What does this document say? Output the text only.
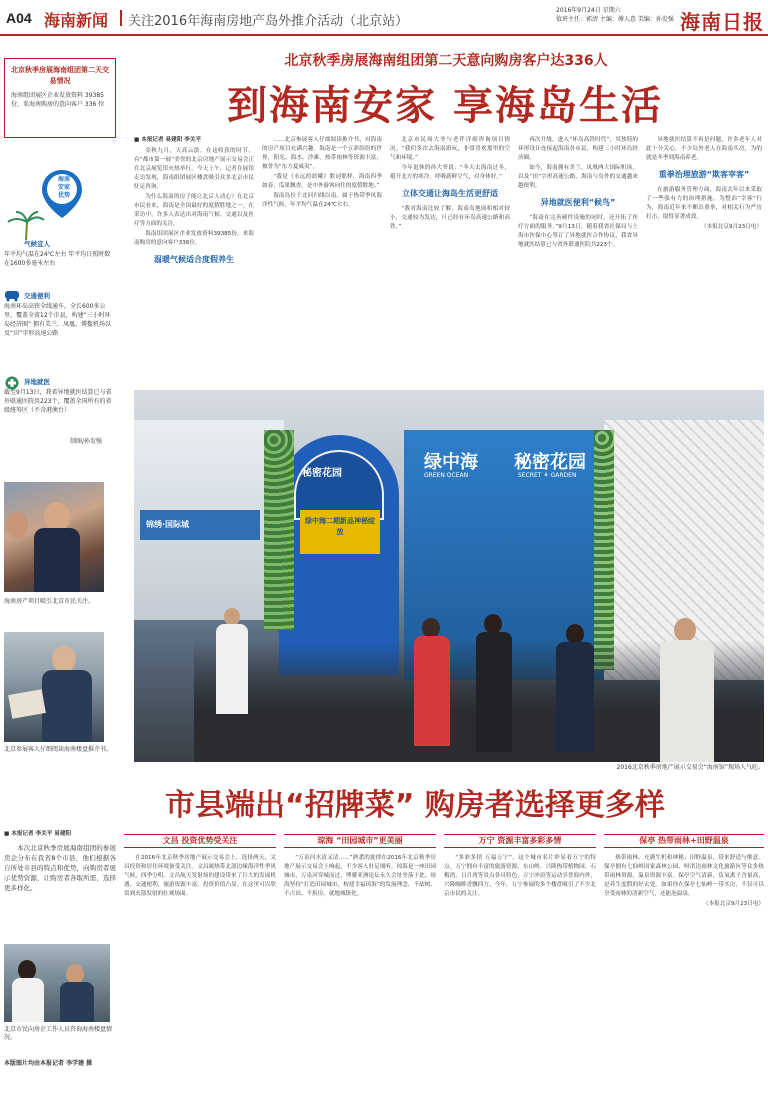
A04 海南新闻 关注2016年海南房地产岛外推介活动（北京站）
2016年9月24日 星期六
值班主任：郭清 主编：傅人意 美编：孙发强 海南日报
北京秋季房展海南组团第二天交易情况
海南组团展区企业发放资料 39385 份，来海南购房的意向客户 336 位
海南
安家
优势
气候宜人
年平均气温在24℃左右 年平均日照时数在1600多毫米左右
交通便利
海南环岛高铁全线通车，全长600多公里，覆盖全省12个市县，构建“三小时环岛经济圈” 拥有美兰、凤凰、博鳌机场以及“田”字形高速公路
异地就医
截至9月13日，我省异地就医结算已与省外联通医院共223个，覆盖全国所有的省级统筹区（不含港澳台）
制图/孙发强
海南房产项目吸引北京市民关注。
北京参展客人仔细阅读海南楼盘推介书。
北京秋季房展海南组团第二天意向购房客户达336人
到海南安家 享海岛生活
■ 本报记者 易建阳 李关平

金秋九月，天高云淡。在这收获的时节，有“都市第一展”美誉的北京房地产展示交易会正在北京展览馆火热举行。今天上午，记者在展馆走访发现，海南组团展区楼盘吸引众多北京市民驻足咨询。

为什么海南的房子能让北京人动心？在北京市民看来，海南是全国最好的度假胜地之一。在采访中，许多人表达出对海南气候、交通以及医疗等方面的关注。

海南组团展区企业发放资料39385份，来海南购房的意向客户336位。

温暖气候适合度假养生

……北京参展客人仔细阅读推介书，对海南的房产项目充满兴趣。海南是一个五彩缤纷的世界，阳光、海水、沙滩、热带雨林等资源丰富，被誉为“东方夏威夷”。

“我是《永远的晨曦》歌词那样，海南四季如春，瓜果飘香，是中外游客向往的度假胜地。”

海南岛位于北回归线以南，属于热带季风海洋性气候，年平均气温在24℃左右。

北京市民周大爷与老伴详细咨询项目情况。“我们多次去海南游玩，非常喜欢那里的空气和环境。”

今年退休的孙大爷说：“冬天去海南过冬，避开北方的寒冷，呼吸新鲜空气，对身体好。”

立体交通让海岛生活更舒适

“我对海南比较了解，海南岛地面积相对较小，交通较为发达，旦已经有环岛高速公路和高铁。”

再次升级，进入“环岛高铁时代”，其独特的环形设计连接起海南各市县，构建三小时环岛经济圈。

如今，海南拥有美兰、凤凰两大国际机场，以及“田”字形高速公路，海南与岛外的交通越来越便利。

异地就医便利“候鸟”

“海南在完善硬件设施的同时，还开拓了医疗方面的服务。”9月13日，随着我省社保局与上海市医保中心签订了异地就医合作协议，我省异地就医结算已与省外联通医院共223个。

异地就医结算不再是问题，许多老年人对此十分关心。不少岛外老人在海南买房，为的就是冬季到海南养老。

重拳治理旅游“欺客宰客”

在旅游服务管理方面，海南去年以来采取了一些强有力的治理措施。为整治“宰客”行为，海南近年来不断出重拳，对相关行为严厉打击，取得显著成效。

（本报北京9月23日电）

秘密花园
绿中海二期新品神秘绽放
绿中海
GREEN OCEAN
秘密花园
SECRET ⚘ GARDEN
锦绣·国际城
2016北京秋季房地产展示交易会“海南馆”现场人气旺。
市县端出“招牌菜” 购房者选择更多样
■ 本报记者 李关平 易建阳

本次北京秋季房展海南组团的参展房企分布在我省8个市县，他们根据各自所处市县的特点和优势，向购房者展示优势资源，让购房者各取所需，选择更多样化。

北京市民向房企工作人员咨询海南楼盘情况。
本版图片均由本报记者 李学建 摄
文昌 投资优势受关注

在2016年北京秋季房地产展示交易会上，选择两天，文昌投资和居住环境备受关注。文昌属热带北部边缘海洋性季风气候，四季分明。文昌航天发射场的建设带来了巨大的发展机遇，交通便利，旅游资源丰富，投资价值凸显。在这里可以欣赏到火箭发射的壮观场面。

琼海 “田园城市”更美丽

“万泉河水清又清……”熟悉的旋律在2016年北京秋季房地产展示交易会上响起，不少客人驻足细听。琼海是一座田园城市，万泉河穿城而过，博鳌亚洲论坛永久会址坐落于此。琼海坚持“打造田园城市，构建幸福琼海”的发展理念，不砍树、不占田、不拆房，就地城镇化。

万宁 资源丰富多彩多情

“多彩多情 万福万宁”，这个城市名片彰显着万宁的特点。万宁拥有丰富的旅游资源，东山岭、兴隆热带植物园、石梅湾、日月湾等景点各具特色。万宁冲浪等运动享誉海内外，兴隆咖啡香飘四方。今年，万宁参展的多个楼盘吸引了不少北京市民的关注。

保亭 热带雨林+田野温泉

热带雨林、充满生机和神秘；田野温泉，带来舒适与惬意。保亭拥有七仙岭国家森林公园、呀诺达雨林文化旅游区等众多热带雨林资源，温泉资源丰富。保亭空气清新，负氧离子含量高，是养生度假的好去处。如果你在保亭七仙岭一带买房，不仅可以享受雨林的清新空气，还能泡温泉。

（本报北京9月23日电）
